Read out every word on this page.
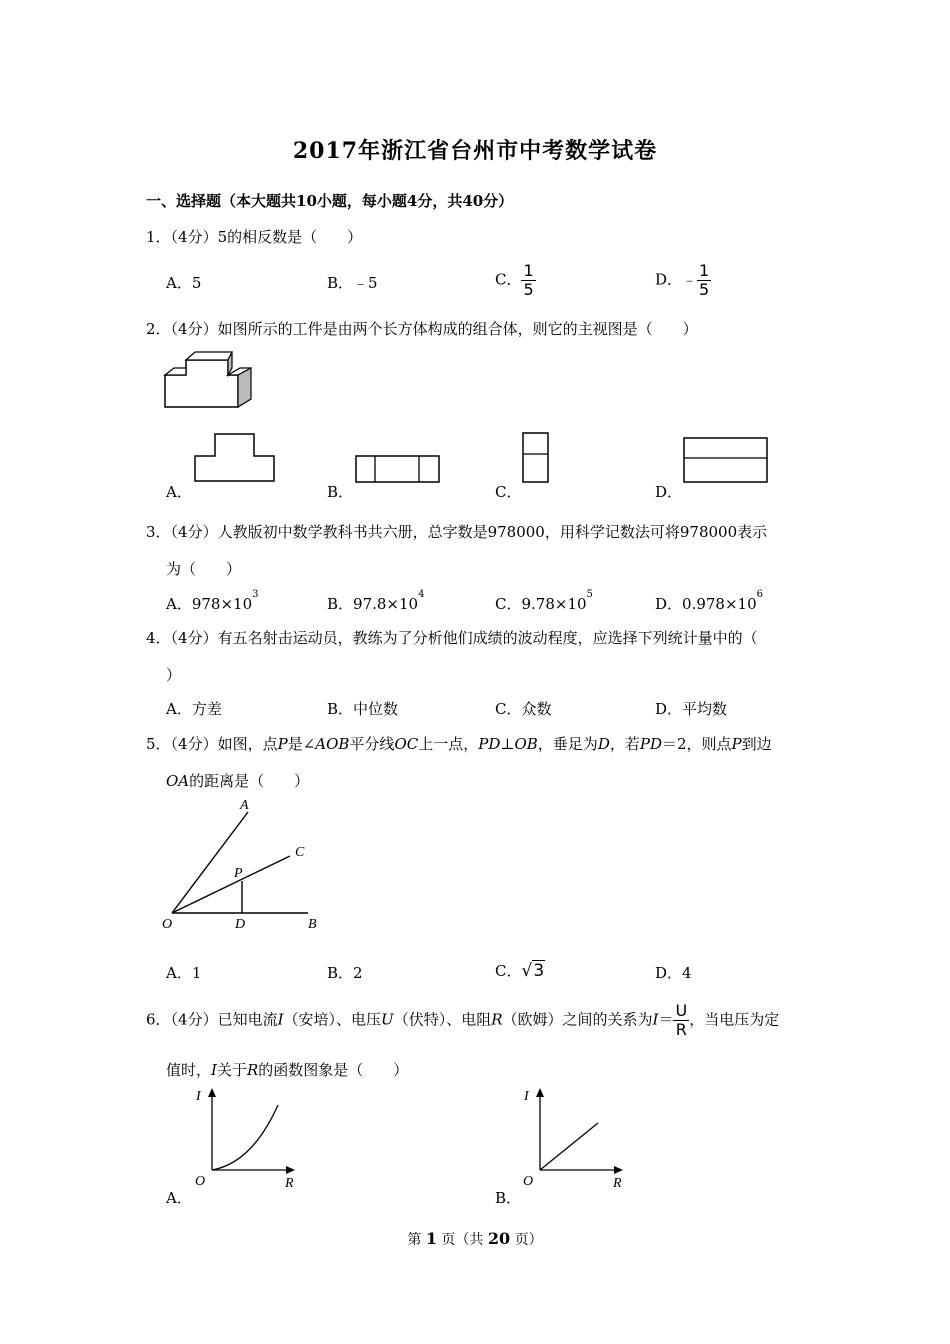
2017年浙江省台州市中考数学试卷
一、选择题（本大题共10小题，每小题4分，共40分）
1．（4分）5的相反数是（　　）
A．5	B．﹣5	C． $\frac{1}{5}$	D．﹣ $\frac{1}{5}$
2．（4分）如图所示的工件是由两个长方体构成的组合体，则它的主视图是（　　）
A．	B．	C．	D．
3．（4分）人教版初中数学教科书共六册，总字数是978000，用科学记数法可将978000表示
为（　　）
A．$978\times 10^3$
B．$97.8\times 10^4$
C．$9.78\times 10^5$
D．$0.978\times 10^6$
4．（4分）有五名射击运动员，教练为了分析他们成绩的波动程度，应选择下列统计量中的（
）
A．方差	B．中位数	C．众数	D．平均数
5．（4分）如图，点P是∠AOB平分线OC上一点，PD⊥OB，垂足为D，若PD＝2，则点P到边
OA的距离是（　　）
A
C
P
O	D	B
A．1	B．2	C．√3	D．4
6．（4分）已知电流I（安培）、电压U（伏特）、电阻R（欧姆）之间的关系为$I= \frac{U}{R}$ ，当电压为定
值时，I关于R的函数图象是（　　）
A．
I
O	R
B．
I
O	R
第 1 页（共 20 页）
